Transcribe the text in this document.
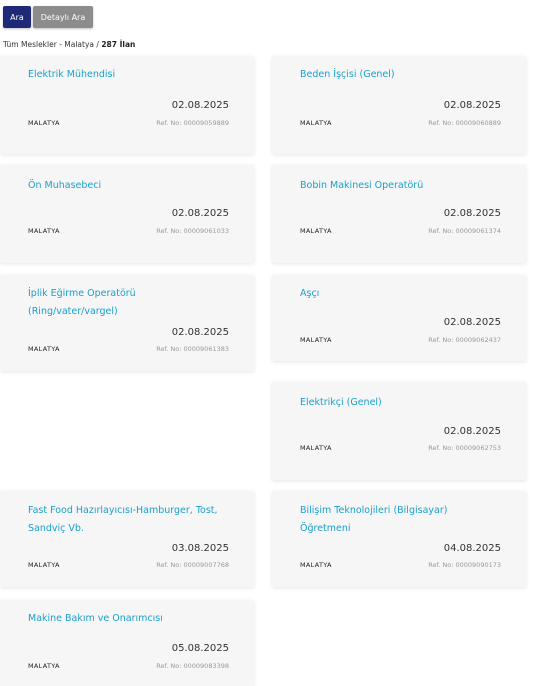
Ara	Detaylı Ara
Tüm Meslekler - Malatya / 287 İlan
Elektrik Mühendisi
02.08.2025
MALATYA	Ref. No: 00009059889
Beden İşçisi (Genel)
02.08.2025
MALATYA	Ref. No: 00009060889
Ön Muhasebeci
02.08.2025
MALATYA	Ref. No: 00009061033
Bobin Makinesi Operatörü
02.08.2025
MALATYA	Ref. No: 00009061374
İplik Eğirme Operatörü (Ring/vater/vargel)
02.08.2025
MALATYA	Ref. No: 00009061383
Aşçı
02.08.2025
MALATYA	Ref. No: 00009062437
Elektrikçi (Genel)
02.08.2025
MALATYA	Ref. No: 00009062753
Fast Food Hazırlayıcısı-Hamburger, Tost, Sandviç Vb.
03.08.2025
MALATYA	Ref. No: 00009007768
Bilişim Teknolojileri (Bilgisayar) Öğretmeni
04.08.2025
MALATYA	Ref. No: 00009090173
Makine Bakım ve Onarımcısı
05.08.2025
MALATYA	Ref. No: 00009083398
